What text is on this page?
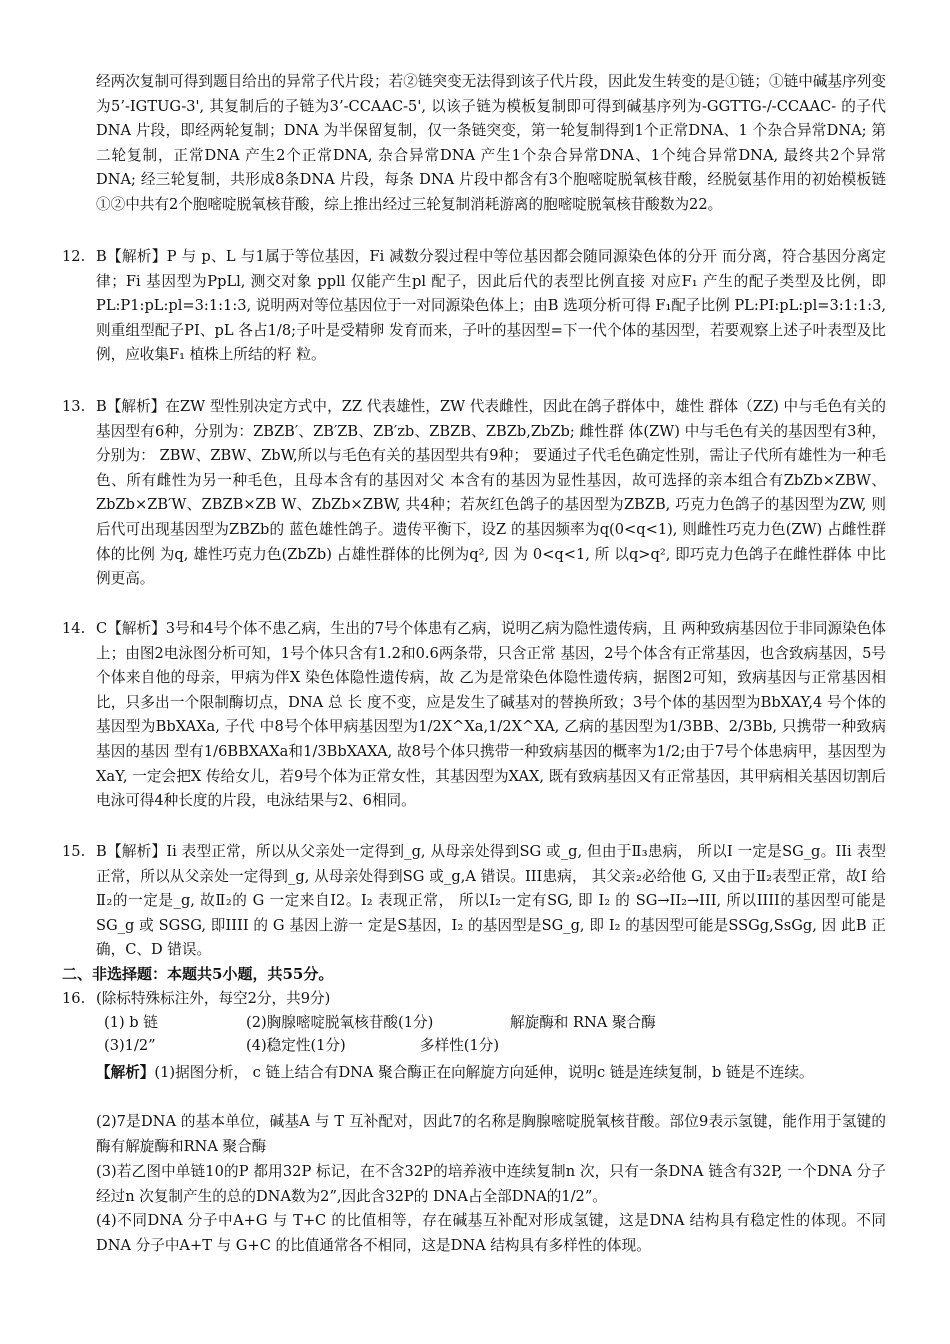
经两次复制可得到题目给出的异常子代片段；若②链突变无法得到该子代片段，因此发生转变的是①链；①链中碱基序列变为5’-IGTUG-3', 其复制后的子链为3’-CCAAC-5', 以该子链为模板复制即可得到碱基序列为-GGTTG-/-CCAAC- 的子代DNA 片段，即经两轮复制；DNA 为半保留复制，仅一条链突变，第一轮复制得到1个正常DNA、1 个杂合异常DNA; 第二轮复制，正常DNA 产生2个正常DNA, 杂合异常DNA 产生1个杂合异常DNA、1个纯合异常DNA, 最终共2个异常DNA; 经三轮复制，共形成8条DNA 片段，每条 DNA 片段中都含有3个胞嘧啶脱氧核苷酸，经脱氨基作用的初始模板链①②中共有2个胞嘧啶脱氧核苷酸，综上推出经过三轮复制消耗游离的胞嘧啶脱氧核苷酸数为22。

12. B【解析】P 与 p、L 与1属于等位基因，Fi 减数分裂过程中等位基因都会随同源染色体的分开 而分离，符合基因分离定律；Fi 基因型为PpLl, 测交对象 ppll 仅能产生pl 配子，因此后代的表型比例直接 对应F₁ 产生的配子类型及比例，即PL:P1:pL:pl=3:1:1:3, 说明两对等位基因位于一对同源染色体上；由B 选项分析可得 F₁配子比例 PL:PI:pL:pl=3:1:1:3, 则重组型配子PI、pL 各占1/8;子叶是受精卵 发育而来，子叶的基因型=下一代个体的基因型，若要观察上述子叶表型及比例，应收集F₁ 植株上所结的籽 粒。
13. B【解析】在ZW 型性别决定方式中，ZZ 代表雄性，ZW 代表雌性，因此在鸽子群体中，雄性 群体（ZZ) 中与毛色有关的基因型有6种，分别为：ZBZB′、ZB′ZB、ZB′zb、ZBZB、ZBZb,ZbZb; 雌性群 体(ZW) 中与毛色有关的基因型有3种，分别为： ZBW、ZBW、ZbW,所以与毛色有关的基因型共有9种； 要通过子代毛色确定性别，需让子代所有雄性为一种毛色、所有雌性为另一种毛色，且母本含有的基因对父 本含有的基因为显性基因，故可选择的亲本组合有ZbZb×ZBW、ZbZb×ZB′W、ZBZB×ZB W、ZbZb×ZBW, 共4种；若灰红色鸽子的基因型为ZBZB, 巧克力色鸽子的基因型为ZW, 则后代可出现基因型为ZBZb的 蓝色雄性鸽子。遗传平衡下，设Z 的基因频率为q(0<q<1), 则雌性巧克力色(ZW) 占雌性群体的比例 为q, 雄性巧克力色(ZbZb) 占雄性群体的比例为q², 因 为 0<q<1, 所 以q>q², 即巧克力色鸽子在雌性群体 中比例更高。
14. C【解析】3号和4号个体不患乙病，生出的7号个体患有乙病，说明乙病为隐性遗传病，且 两种致病基因位于非同源染色体上；由图2电泳图分析可知，1号个体只含有1.2和0.6两条带，只含正常 基因，2号个体含有正常基因，也含致病基因，5号个体来自他的母亲，甲病为伴X 染色体隐性遗传病，故 乙为是常染色体隐性遗传病，据图2可知，致病基因与正常基因相比，只多出一个限制酶切点，DNA 总 长 度不变，应是发生了碱基对的替换所致；3号个体的基因型为BbXAY,4 号个体的基因型为BbXAXa, 子代 中8号个体甲病基因型为1/2X^Xa,1/2X^XA, 乙病的基因型为1/3BB、2/3Bb, 只携带一种致病基因的基因 型有1/6BBXAXa和1/3BbXAXA, 故8号个体只携带一种致病基因的概率为1/2;由于7号个体患病甲，基因型为XaY, 一定会把X 传给女儿，若9号个体为正常女性，其基因型为XAX, 既有致病基因又有正常基因，其甲病相关基因切割后电泳可得4种长度的片段，电泳结果与2、6相同。
15. B【解析】Ii 表型正常，所以从父亲处一定得到_g, 从母亲处得到SG 或_g, 但由于Ⅱ₃患病， 所以I 一定是SG_g。IIi 表型正常，所以从父亲处一定得到_g, 从母亲处得到SG 或_g,A 错误。III患病， 其父亲₂必给他 G, 又由于Ⅱ₂表型正常，故I 给Ⅱ₂的一定是_g, 故Ⅱ₂的 G 一定来自I2。I₂ 表现正常， 所以I₂一定有SG, 即 I₂ 的 SG→II₂→III, 所以IIII的基因型可能是SG_g 或 SGSG, 即IIII 的 G 基因上游一 定是S基因，I₂ 的基因型是SG_g, 即 I₂ 的基因型可能是SSGg,SsGg, 因 此B 正确，C、D 错误。
二、非选择题：本题共5小题，共55分。
16. (除标特殊标注外，每空2分，共9分)
(1) b 链	(2)胸腺嘧啶脱氧核苷酸(1分)	解旋酶和 RNA 聚合酶
(3)1/2”	(4)稳定性(1分)	多样性(1分)
【解析】(1)据图分析， c 链上结合有DNA 聚合酶正在向解旋方向延伸，说明c 链是连续复制，b 链是不连续。

(2)7是DNA 的基本单位，碱基A 与 T 互补配对，因此7的名称是胸腺嘧啶脱氧核苷酸。部位9表示氢键，能作用于氢键的酶有解旋酶和RNA 聚合酶

(3)若乙图中单链10的P 都用32P 标记，在不含32P的培养液中连续复制n 次，只有一条DNA 链含有32P, 一个DNA 分子经过n 次复制产生的总的DNA数为2”,因此含32P的 DNA占全部DNA的1/2”。

(4)不同DNA 分子中A+G 与 T+C 的比值相等，存在碱基互补配对形成氢键，这是DNA 结构具有稳定性的体现。不同DNA 分子中A+T 与 G+C 的比值通常各不相同，这是DNA 结构具有多样性的体现。
